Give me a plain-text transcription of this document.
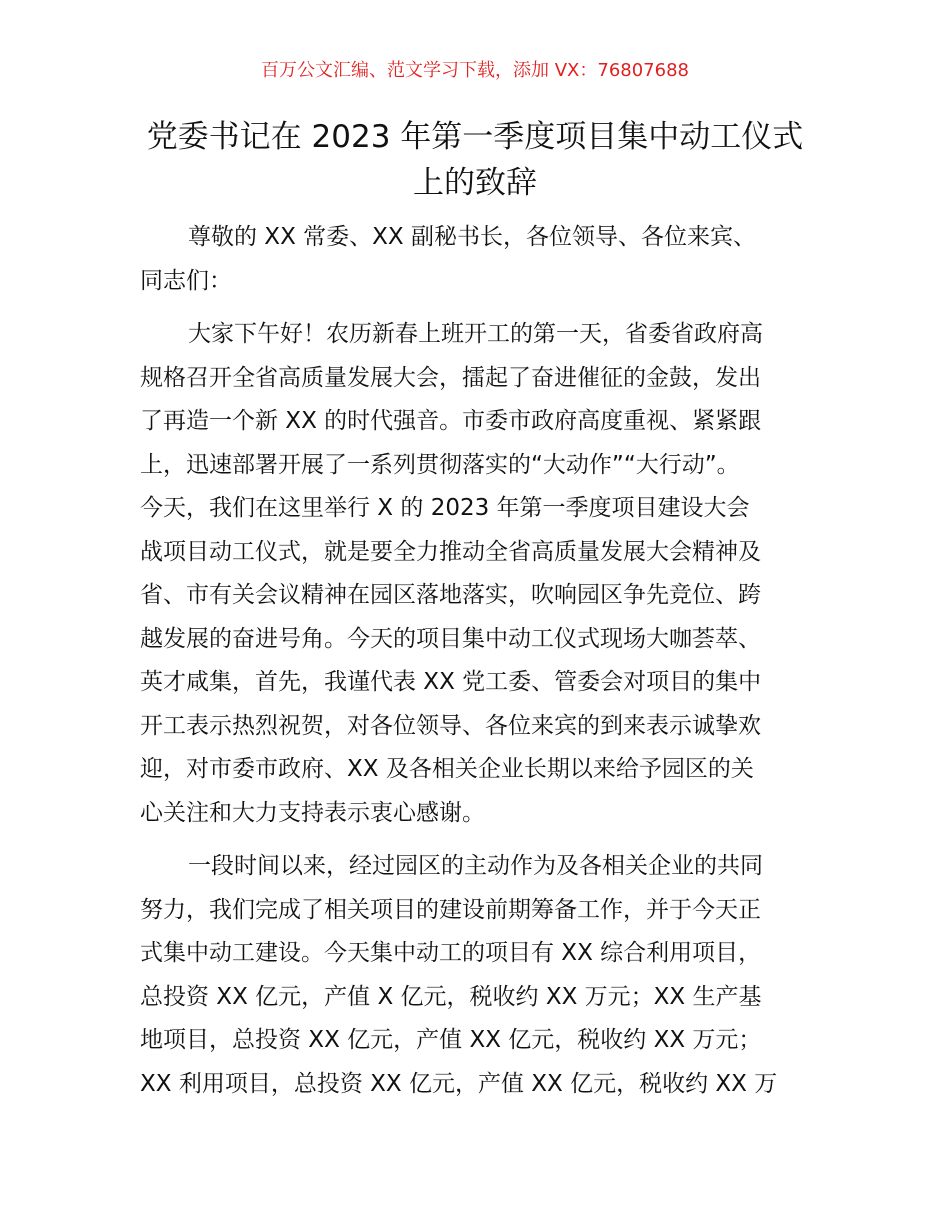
百万公文汇编、范文学习下载，添加 VX：76807688
党委书记在 2023 年第一季度项目集中动工仪式
上的致辞
尊敬的 XX 常委、XX 副秘书长，各位领导、各位来宾、
同志们：
大家下午好！农历新春上班开工的第一天，省委省政府高
规格召开全省高质量发展大会，擂起了奋进催征的金鼓，发出
了再造一个新 XX 的时代强音。市委市政府高度重视、紧紧跟
上，迅速部署开展了一系列贯彻落实的“大动作”“大行动”。
今天，我们在这里举行 X 的 2023 年第一季度项目建设大会
战项目动工仪式，就是要全力推动全省高质量发展大会精神及
省、市有关会议精神在园区落地落实，吹响园区争先竞位、跨
越发展的奋进号角。今天的项目集中动工仪式现场大咖荟萃、
英才咸集，首先，我谨代表 XX 党工委、管委会对项目的集中
开工表示热烈祝贺，对各位领导、各位来宾的到来表示诚挚欢
迎，对市委市政府、XX 及各相关企业长期以来给予园区的关
心关注和大力支持表示衷心感谢。
一段时间以来，经过园区的主动作为及各相关企业的共同
努力，我们完成了相关项目的建设前期筹备工作，并于今天正
式集中动工建设。今天集中动工的项目有 XX 综合利用项目，
总投资 XX 亿元，产值 X 亿元，税收约 XX 万元；XX 生产基
地项目，总投资 XX 亿元，产值 XX 亿元，税收约 XX 万元；
XX 利用项目，总投资 XX 亿元，产值 XX 亿元，税收约 XX 万
